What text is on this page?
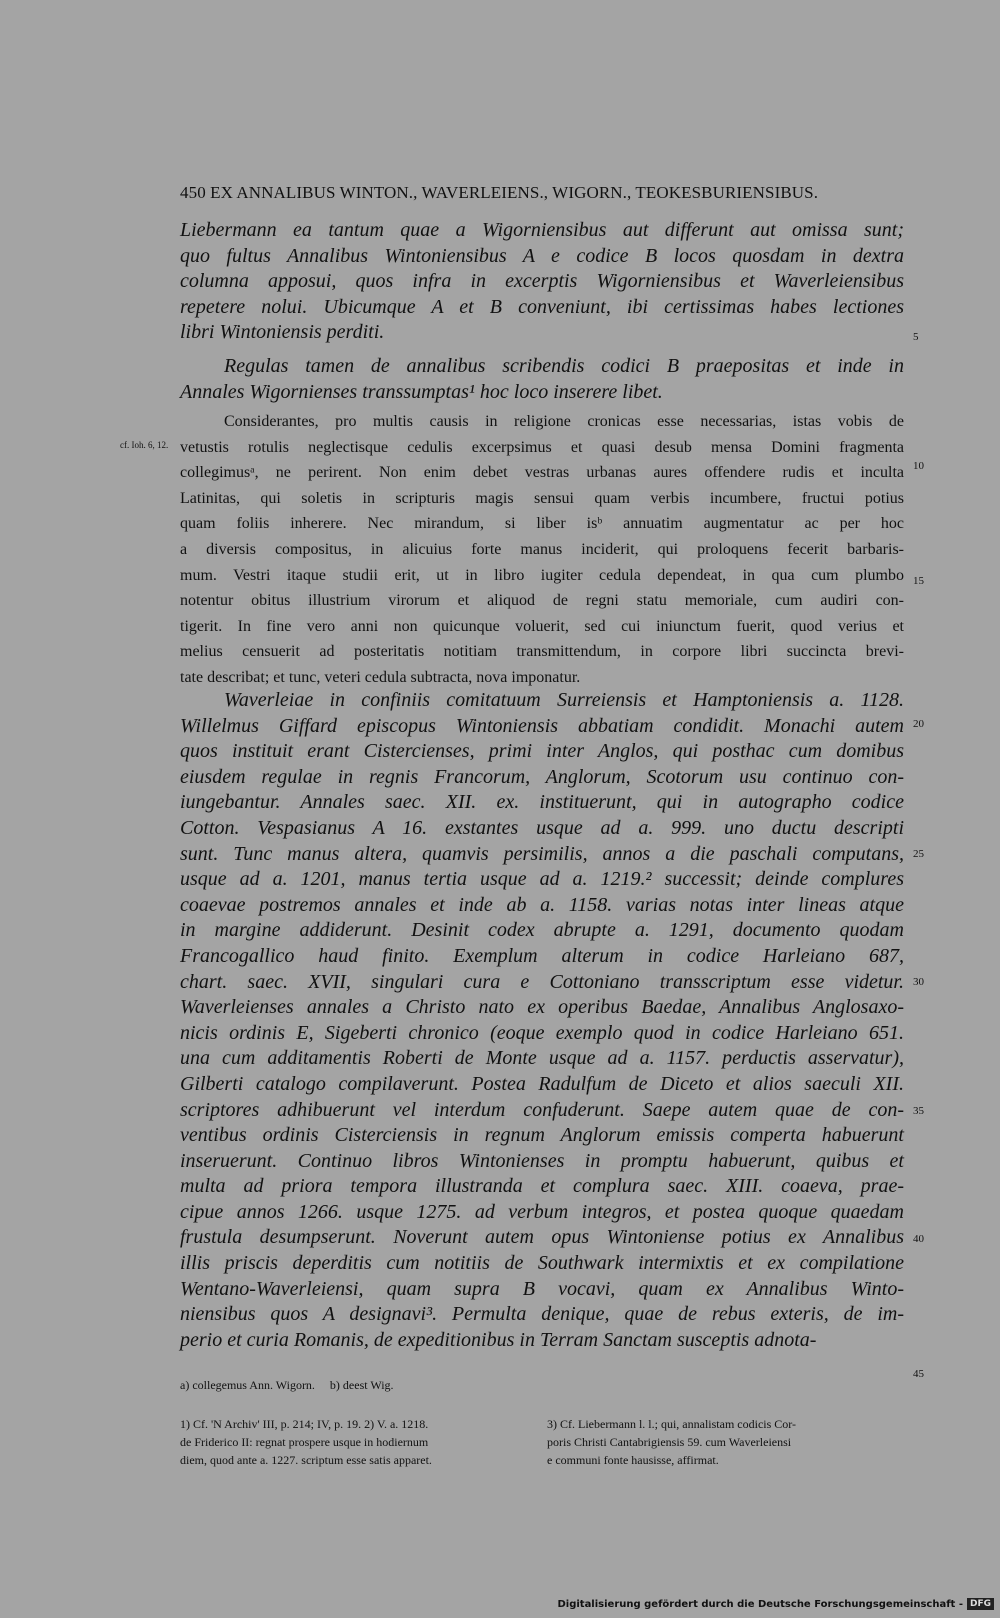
450 EX ANNALIBUS WINTON., WAVERLEIENS., WIGORN., TEOKESBURIENSIBUS.
Liebermann ea tantum quae a Wigorniensibus aut differunt aut omissa sunt;
quo fultus Annalibus Wintoniensibus A e codice B locos quosdam in dextra
columna apposui, quos infra in excerptis Wigorniensibus et Waverleiensibus
repetere nolui. Ubicumque A et B conveniunt, ibi certissimas habes lectiones
libri Wintoniensis perditi.
Regulas tamen de annalibus scribendis codici B praepositas et inde in
Annales Wigornienses transsumptas¹ hoc loco inserere libet.
Considerantes, pro multis causis in religione cronicas esse necessarias, istas vobis de
vetustis rotulis neglectisque cedulis excerpsimus et quasi desub mensa Domini fragmenta
collegimusᵃ, ne perirent. Non enim debet vestras urbanas aures offendere rudis et inculta
Latinitas, qui soletis in scripturis magis sensui quam verbis incumbere, fructui potius
quam foliis inherere. Nec mirandum, si liber isᵇ annuatim augmentatur ac per hoc
a diversis compositus, in alicuius forte manus inciderit, qui proloquens fecerit barbaris-
mum. Vestri itaque studii erit, ut in libro iugiter cedula dependeat, in qua cum plumbo
notentur obitus illustrium virorum et aliquod de regni statu memoriale, cum audiri con-
tigerit. In fine vero anni non quicunque voluerit, sed cui iniunctum fuerit, quod verius et
melius censuerit ad posteritatis notitiam transmittendum, in corpore libri succincta brevi-
tate describat; et tunc, veteri cedula subtracta, nova imponatur.
Waverleiae in confiniis comitatuum Surreiensis et Hamptoniensis a. 1128.
Willelmus Giffard episcopus Wintoniensis abbatiam condidit. Monachi autem
quos instituit erant Cistercienses, primi inter Anglos, qui posthac cum domibus
eiusdem regulae in regnis Francorum, Anglorum, Scotorum usu continuo con-
iungebantur. Annales saec. XII. ex. instituerunt, qui in autographo codice
Cotton. Vespasianus A 16. exstantes usque ad a. 999. uno ductu descripti
sunt. Tunc manus altera, quamvis persimilis, annos a die paschali computans,
usque ad a. 1201, manus tertia usque ad a. 1219.² successit; deinde complures
coaevae postremos annales et inde ab a. 1158. varias notas inter lineas atque
in margine addiderunt. Desinit codex abrupte a. 1291, documento quodam
Francogallico haud finito. Exemplum alterum in codice Harleiano 687,
chart. saec. XVII, singulari cura e Cottoniano transscriptum esse videtur.
Waverleienses annales a Christo nato ex operibus Baedae, Annalibus Anglosaxo-
nicis ordinis E, Sigeberti chronico (eoque exemplo quod in codice Harleiano 651.
una cum additamentis Roberti de Monte usque ad a. 1157. perductis asservatur),
Gilberti catalogo compilaverunt. Postea Radulfum de Diceto et alios saeculi XII.
scriptores adhibuerunt vel interdum confuderunt. Saepe autem quae de con-
ventibus ordinis Cisterciensis in regnum Anglorum emissis comperta habuerunt
inseruerunt. Continuo libros Wintonienses in promptu habuerunt, quibus et
multa ad priora tempora illustranda et complura saec. XIII. coaeva, prae-
cipue annos 1266. usque 1275. ad verbum integros, et postea quoque quaedam
frustula desumpserunt. Noverunt autem opus Wintoniense potius ex Annalibus
illis priscis deperditis cum notitiis de Southwark intermixtis et ex compilatione
Wentano-Waverleiensi, quam supra B vocavi, quam ex Annalibus Winto-
niensibus quos A designavi³. Permulta denique, quae de rebus exteris, de im-
perio et curia Romanis, de expeditionibus in Terram Sanctam susceptis adnota-
cf. Ioh. 6, 12.
5
10
15
20
25
30
35
40
45
a) collegemus Ann. Wigorn.     b) deest Wig.
1) Cf. 'N Archiv' III, p. 214; IV, p. 19. 2) V. a. 1218.
de Friderico II: regnat prospere usque in hodiernum
diem, quod ante a. 1227. scriptum esse satis apparet.
3) Cf. Liebermann l. l.; qui, annalistam codicis Cor-
poris Christi Cantabrigiensis 59. cum Waverleiensi
e communi fonte hausisse, affirmat.
Digitalisierung gefördert durch die Deutsche Forschungsgemeinschaft - DFG
